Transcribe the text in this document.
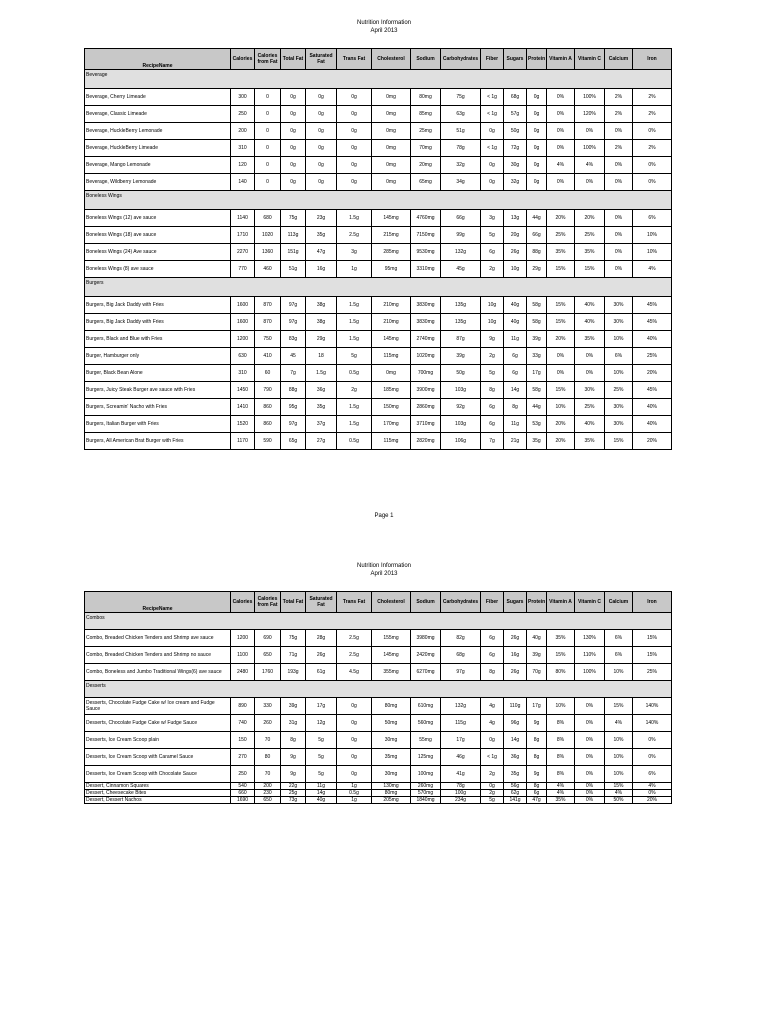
Nutrition Information
April 2013
RecipeName	Calories	Calories from Fat	Total Fat	Saturated Fat	Trans Fat	Cholesterol	Sodium	Carbohydrates	Fiber	Sugars	Protein	Vitamin A	Vitamin C	Calcium	Iron
Beverage															
Beverage, Cherry Limeade	300	0	0g	0g	0g	0mg	80mg	75g	< 1g	68g	0g	0%	100%	2%	2%
Beverage, Classic Limeade	250	0	0g	0g	0g	0mg	85mg	63g	< 1g	57g	0g	0%	120%	2%	2%
Beverage, HuckleBerry Lemonade	200	0	0g	0g	0g	0mg	25mg	51g	0g	50g	0g	0%	0%	0%	0%
Beverage, HuckleBerry Limeade	310	0	0g	0g	0g	0mg	70mg	78g	< 1g	72g	0g	0%	100%	2%	2%
Beverage, Mango Lemonade	120	0	0g	0g	0g	0mg	20mg	32g	0g	30g	0g	4%	4%	0%	0%
Beverage, Wildberry Lemonade	140	0	0g	0g	0g	0mg	65mg	34g	0g	32g	0g	0%	0%	0%	0%
Boneless Wings															
Boneless Wings (12) ave sauce	1140	680	75g	23g	1.5g	145mg	4760mg	66g	3g	13g	44g	20%	20%	0%	6%
Boneless Wings (18) ave sauce	1710	1020	113g	35g	2.5g	215mg	7150mg	99g	5g	20g	66g	25%	25%	0%	10%
Boneless Wings (24) Ave sauce	2270	1360	151g	47g	3g	285mg	9530mg	132g	6g	26g	88g	35%	35%	0%	10%
Boneless Wings (8) ave sauce	770	460	51g	16g	1g	95mg	3310mg	45g	2g	10g	29g	15%	15%	0%	4%
Burgers															
Burgers, Big Jack Daddy with Fries	1600	870	97g	38g	1.5g	210mg	3830mg	135g	10g	40g	58g	15%	40%	30%	45%
Burgers, Big Jack Daddy with Fries	1600	870	97g	38g	1.5g	210mg	3830mg	135g	10g	40g	58g	15%	40%	30%	45%
Burgers, Black and Blue with Fries	1200	750	83g	29g	1.5g	145mg	2740mg	87g	9g	11g	39g	20%	35%	10%	40%
Burger, Hamburger only	630	410	45	18	5g	115mg	1020mg	39g	2g	6g	33g	0%	0%	6%	25%
Burger, Black Bean Alone	310	60	7g	1.5g	0.5g	0mg	700mg	50g	5g	6g	17g	0%	0%	10%	20%
Burgers, Juicy Steak Burger ave sauce with Fries	1450	790	88g	36g	2g	185mg	3900mg	103g	8g	14g	58g	15%	30%	25%	45%
Burgers, Screamin' Nacho with Fries	1410	860	95g	35g	1.5g	150mg	2860mg	92g	6g	8g	44g	10%	25%	30%	40%
Burgers, Italian Burger with Fries	1520	860	97g	37g	1.5g	170mg	3710mg	103g	6g	11g	53g	20%	40%	30%	40%
Burgers, All American Brat Burger with Fries	1170	590	65g	27g	0.5g	115mg	2820mg	106g	7g	21g	35g	20%	35%	15%	20%
Page 1
Nutrition Information
April 2013
RecipeName	Calories	Calories from Fat	Total Fat	Saturated Fat	Trans Fat	Cholesterol	Sodium	Carbohydrates	Fiber	Sugars	Protein	Vitamin A	Vitamin C	Calcium	Iron
Combos															
Combo, Breaded Chicken Tenders and Shrimp ave sauce	1200	690	75g	28g	2.5g	155mg	3980mg	82g	6g	26g	40g	35%	130%	6%	15%
Combo, Breaded Chicken Tenders and Shrimp no sauce	1100	650	71g	26g	2.5g	145mg	2420mg	68g	6g	16g	39g	15%	110%	6%	15%
Combo, Boneless and Jumbo Traditional Wings(6) ave sauce	2480	1760	193g	61g	4.5g	355mg	6270mg	97g	8g	26g	70g	80%	100%	10%	25%
Desserts															
Desserts, Chocolate Fudge Cake w/ Ice cream and Fudge Sauce	890	330	39g	17g	0g	80mg	610mg	132g	4g	110g	17g	10%	0%	15%	140%
Desserts, Chocolate Fudge Cake w/ Fudge Sauce	740	260	31g	12g	0g	50mg	560mg	115g	4g	96g	9g	8%	0%	4%	140%
Desserts, Ice Cream Scoop plain	150	70	8g	5g	0g	30mg	55mg	17g	0g	14g	8g	8%	0%	10%	0%
Desserts, Ice Cream Scoop with Caramel Sauce	270	80	9g	5g	0g	35mg	125mg	46g	< 1g	36g	8g	8%	0%	10%	0%
Desserts, Ice Cream Scoop with Chocolate Sauce	250	70	9g	5g	0g	30mg	100mg	41g	2g	35g	9g	8%	0%	10%	6%
Dessert, Cinnamon Squares	540	200	22g	11g	1g	130mg	260mg	78g	0g	56g	8g	4%	0%	15%	4%
Dessert, Cheesecake Bites	660	230	25g	14g	0.5g	80mg	570mg	100g	2g	62g	6g	4%	0%	4%	0%
Dessert, Dessert Nachos	1690	650	73g	40g	1g	205mg	1840mg	234g	5g	141g	47g	35%	0%	50%	20%
